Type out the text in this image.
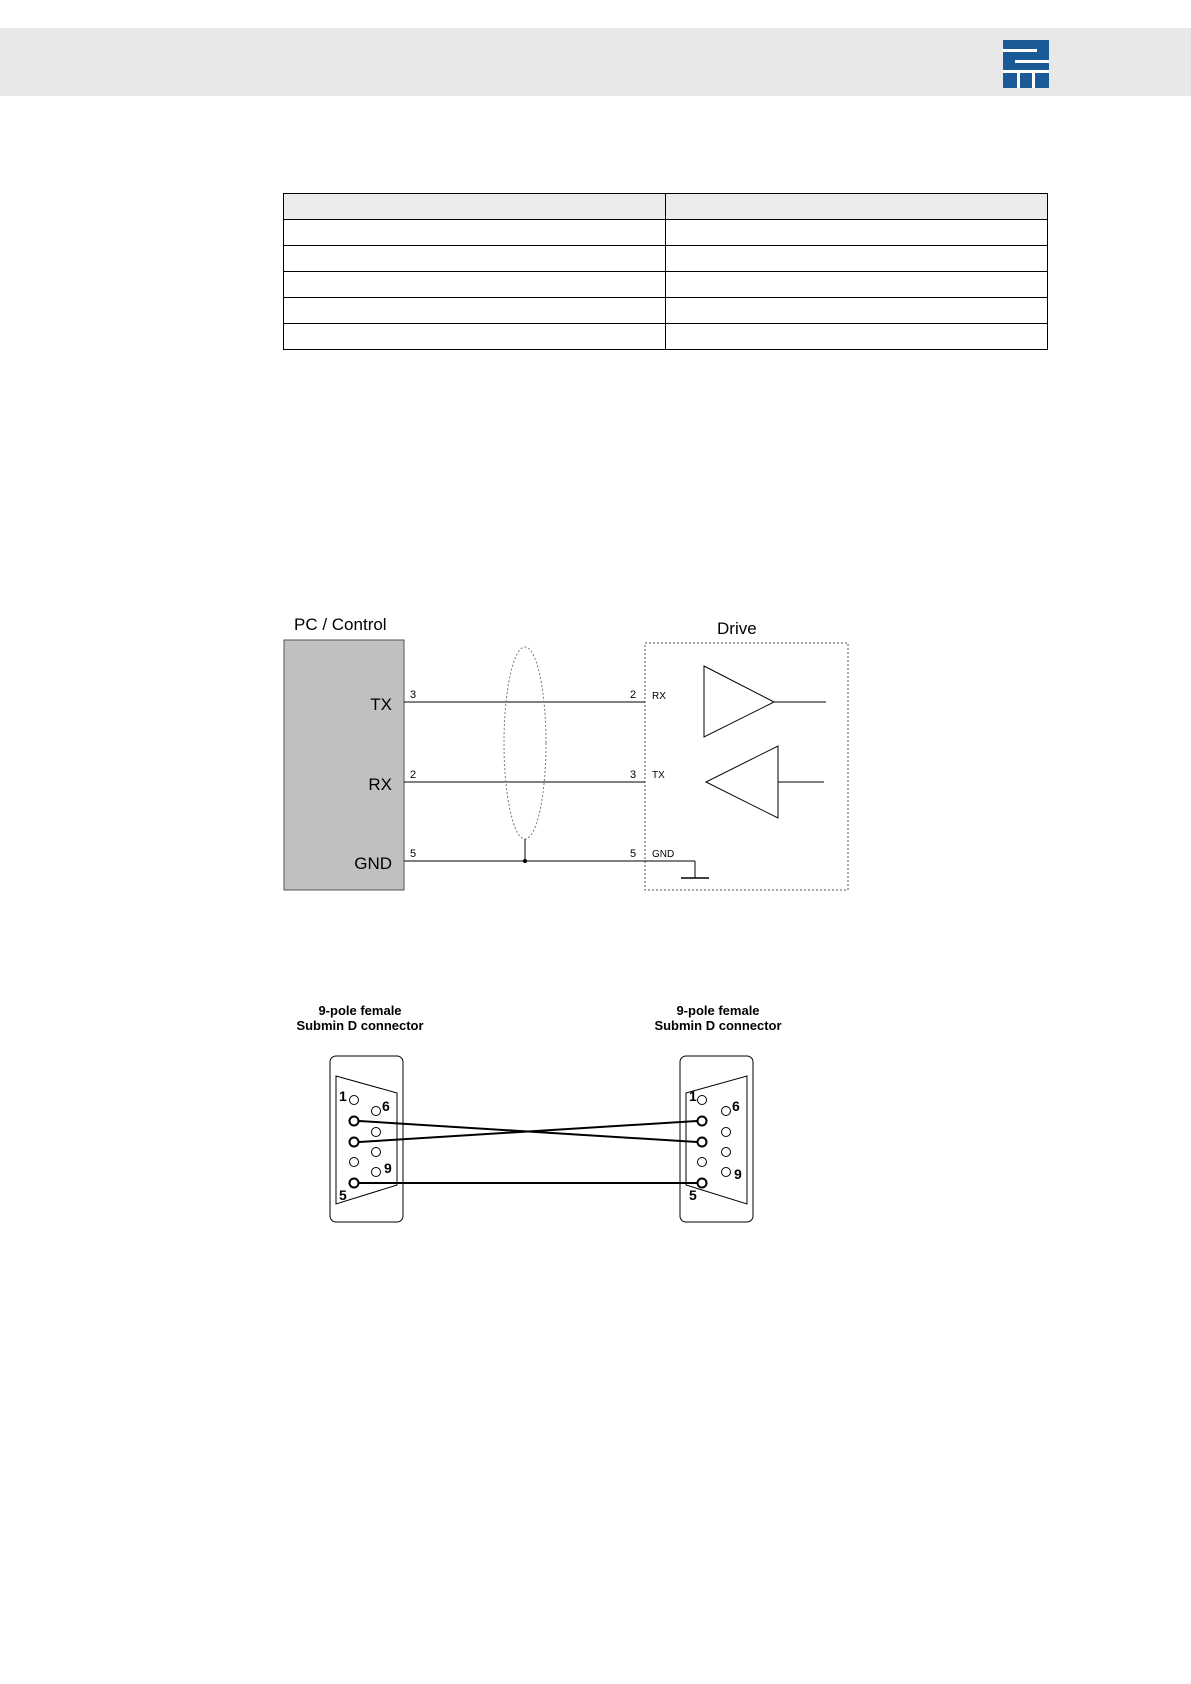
PC / Control	Drive
TX
RX
GND
3
2
5
2
3
5
RX
TX
GND
9-pole female
Submin D connector
9-pole female
Submin D connector
1
6
9
5
1
6
9
5
